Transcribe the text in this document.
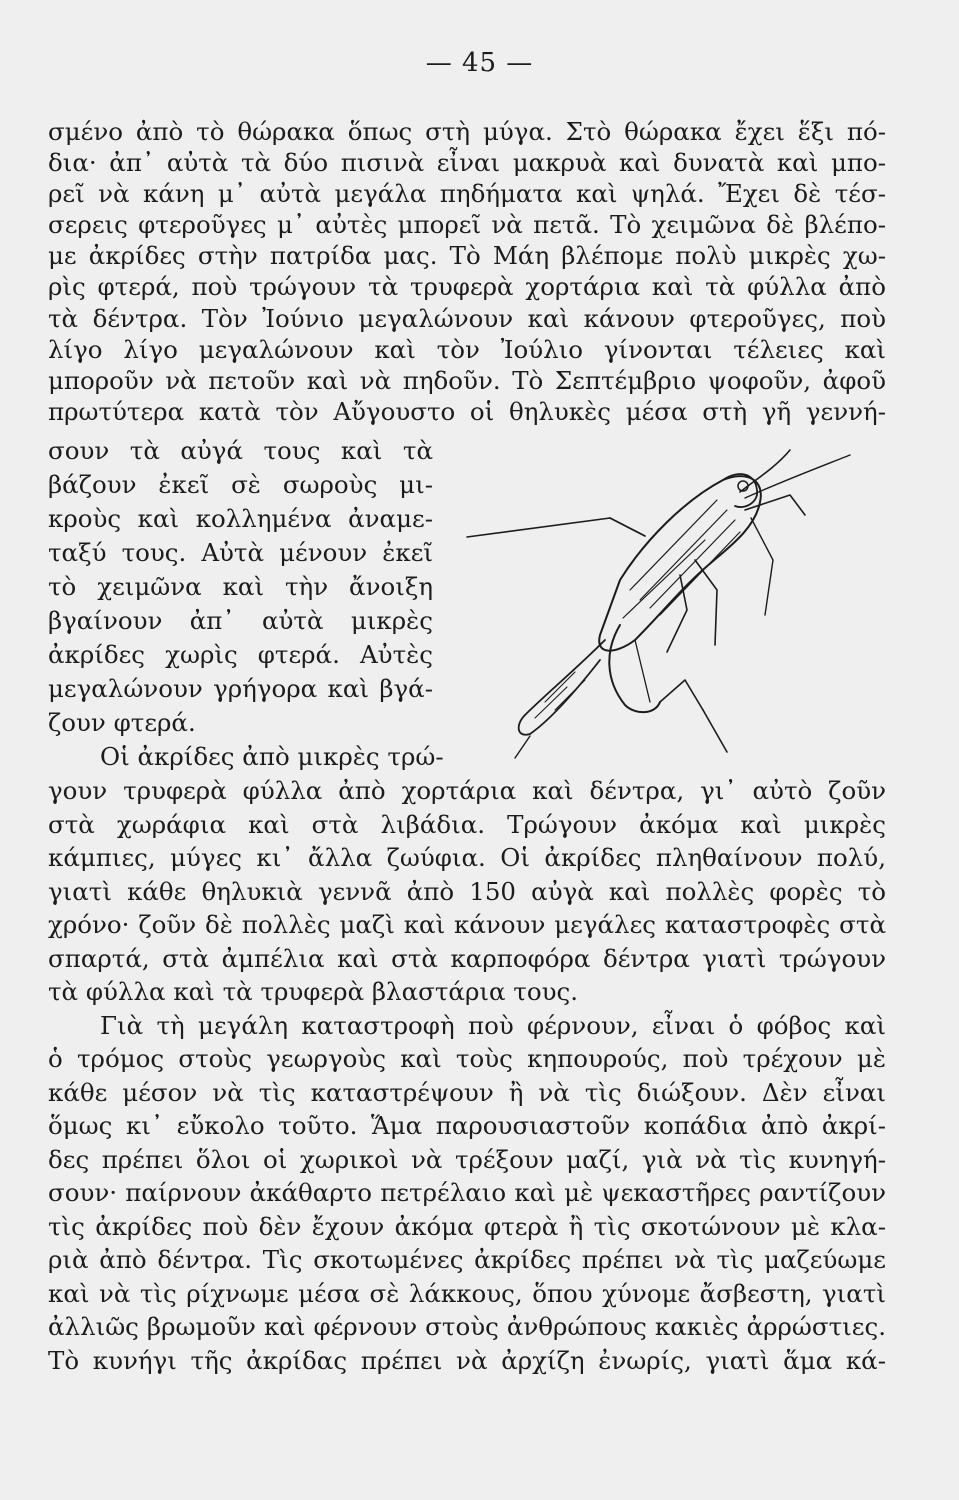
— 45 —
σμένο ἀπὸ τὸ θώρακα ὅπως στὴ μύγα. Στὸ θώρακα ἔχει ἕξι πό-
δια· ἀπ᾽ αὐτὰ τὰ δύο πισινὰ εἶναι μακρυὰ καὶ δυνατὰ καὶ μπο-
ρεῖ νὰ κάνη μ᾽ αὐτὰ μεγάλα πηδήματα καὶ ψηλά. Ἔχει δὲ τέσ-
σερεις φτεροῦγες μ᾽ αὐτὲς μπορεῖ νὰ πετᾶ. Τὸ χειμῶνα δὲ βλέπο-
με ἀκρίδες στὴν πατρίδα μας. Τὸ Μάη βλέπομε πολὺ μικρὲς χω-
ρὶς φτερά, ποὺ τρώγουν τὰ τρυφερὰ χορτάρια καὶ τὰ φύλλα ἀπὸ
τὰ δέντρα. Τὸν Ἰούνιο μεγαλώνουν καὶ κάνουν φτεροῦγες, ποὺ
λίγο λίγο μεγαλώνουν καὶ τὸν Ἰούλιο γίνονται τέλειες καὶ
μποροῦν νὰ πετοῦν καὶ νὰ πηδοῦν. Τὸ Σεπτέμβριο ψοφοῦν, ἀφοῦ
πρωτύτερα κατὰ τὸν Αὔγουστο οἱ θηλυκὲς μέσα στὴ γῆ γεννή-
σουν τὰ αὐγά τους καὶ τὰ
βάζουν ἐκεῖ σὲ σωροὺς μι-
κροὺς καὶ κολλημένα ἀναμε-
ταξύ τους. Αὐτὰ μένουν ἐκεῖ
τὸ χειμῶνα καὶ τὴν ἄνοιξη
βγαίνουν ἀπ᾽ αὐτὰ μικρὲς
ἀκρίδες χωρὶς φτερά. Αὐτὲς
μεγαλώνουν γρήγορα καὶ βγά-
ζουν φτερά.
Οἱ ἀκρίδες ἀπὸ μικρὲς τρώ-
γουν τρυφερὰ φύλλα ἀπὸ χορτάρια καὶ δέντρα, γι᾽ αὐτὸ ζοῦν
στὰ χωράφια καὶ στὰ λιβάδια. Τρώγουν ἀκόμα καὶ μικρὲς
κάμπιες, μύγες κι᾽ ἄλλα ζωύφια. Οἱ ἀκρίδες πληθαίνουν πολύ,
γιατὶ κάθε θηλυκιὰ γεννᾶ ἀπὸ 150 αὐγὰ καὶ πολλὲς φορὲς τὸ
χρόνο· ζοῦν δὲ πολλὲς μαζὶ καὶ κάνουν μεγάλες καταστροφὲς στὰ
σπαρτά, στὰ ἀμπέλια καὶ στὰ καρποφόρα δέντρα γιατὶ τρώγουν
τὰ φύλλα καὶ τὰ τρυφερὰ βλαστάρια τους.
Γιὰ τὴ μεγάλη καταστροφὴ ποὺ φέρνουν, εἶναι ὁ φόβος καὶ
ὁ τρόμος στοὺς γεωργοὺς καὶ τοὺς κηπουρούς, ποὺ τρέχουν μὲ
κάθε μέσον νὰ τὶς καταστρέψουν ἢ νὰ τὶς διώξουν. Δὲν εἶναι
ὅμως κι᾽ εὔκολο τοῦτο. Ἅμα παρουσιαστοῦν κοπάδια ἀπὸ ἀκρί-
δες πρέπει ὅλοι οἱ χωρικοὶ νὰ τρέξουν μαζί, γιὰ νὰ τὶς κυνηγή-
σουν· παίρνουν ἀκάθαρτο πετρέλαιο καὶ μὲ ψεκαστῆρες ραντίζουν
τὶς ἀκρίδες ποὺ δὲν ἔχουν ἀκόμα φτερὰ ἢ τὶς σκοτώνουν μὲ κλα-
ριὰ ἀπὸ δέντρα. Τὶς σκοτωμένες ἀκρίδες πρέπει νὰ τὶς μαζεύωμε
καὶ νὰ τὶς ρίχνωμε μέσα σὲ λάκκους, ὅπου χύνομε ἄσβεστη, γιατὶ
ἀλλιῶς βρωμοῦν καὶ φέρνουν στοὺς ἀνθρώπους κακιὲς ἀρρώστιες.
Τὸ κυνήγι τῆς ἀκρίδας πρέπει νὰ ἀρχίζη ἐνωρίς, γιατὶ ἅμα κά-
